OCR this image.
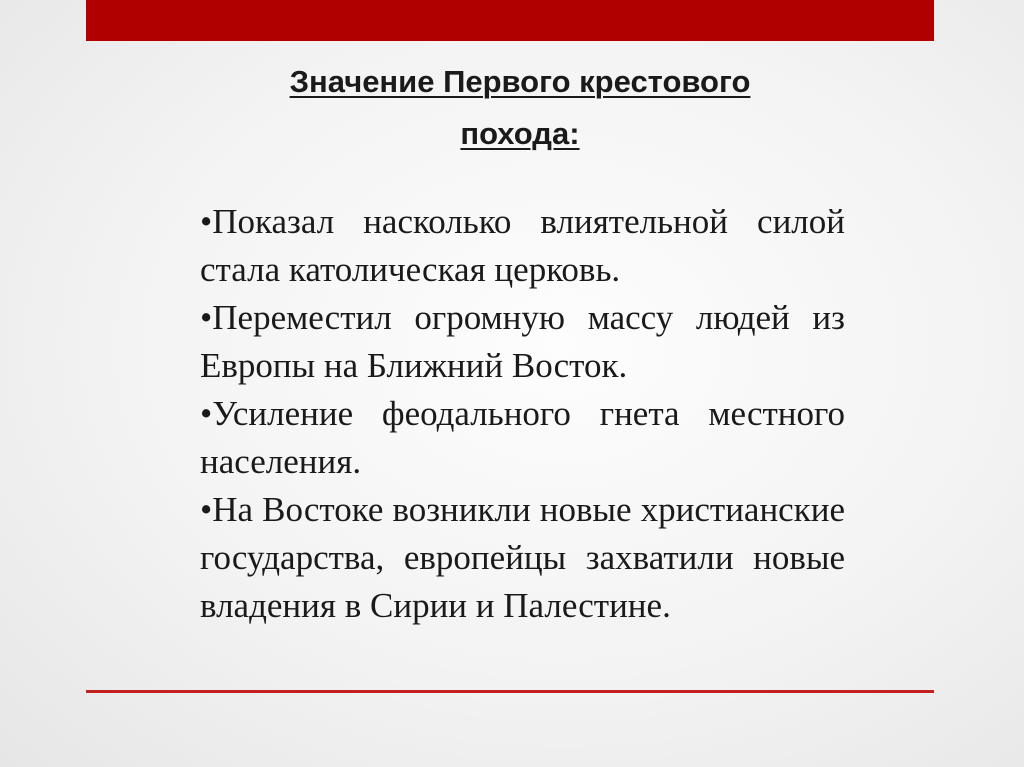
Значение Первого крестового
похода:
• Показал насколько влиятельной силой стала католическая церковь.
• Переместил огромную массу людей из Европы на Ближний Восток.
• Усиление феодального гнета местного населения.
• На Востоке возникли новые христианские государства, европейцы захватили новые владения в Сирии и Палестине.
